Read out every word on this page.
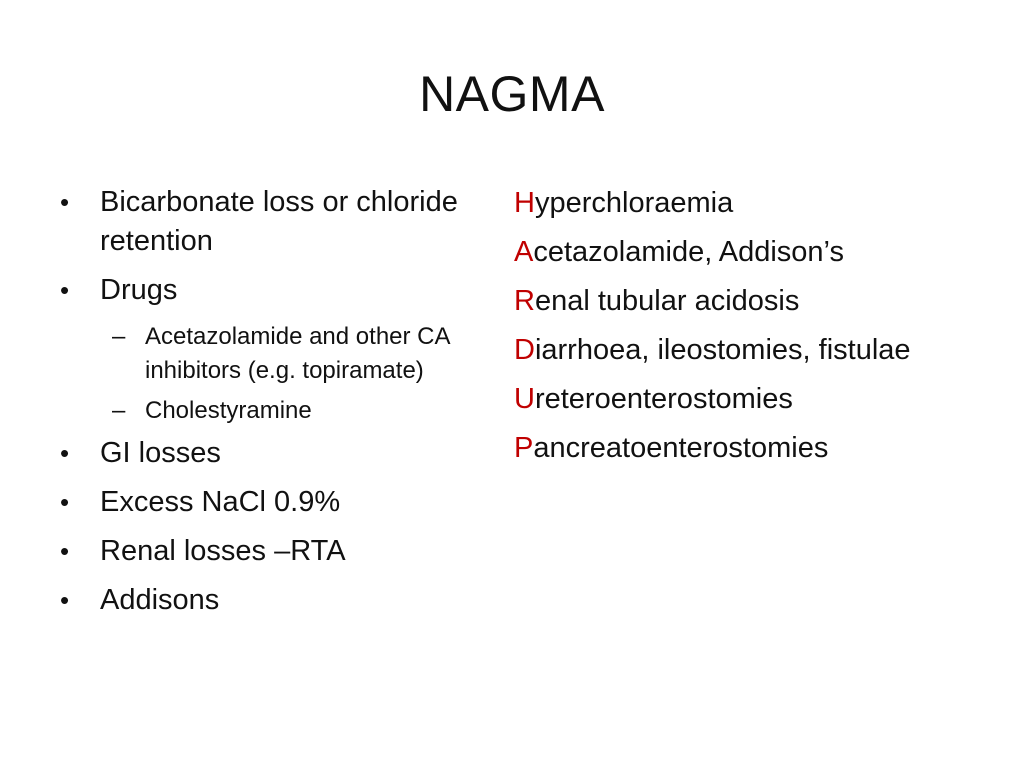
NAGMA
• Bicarbonate loss or chloride retention
• Drugs
– Acetazolamide and other CA inhibitors (e.g. topiramate)
– Cholestyramine
• GI losses
• Excess NaCl 0.9%
• Renal losses –RTA
• Addisons
Hyperchloraemia
Acetazolamide, Addison’s
Renal tubular acidosis
Diarrhoea, ileostomies, fistulae
Ureteroenterostomies
Pancreatoenterostomies
